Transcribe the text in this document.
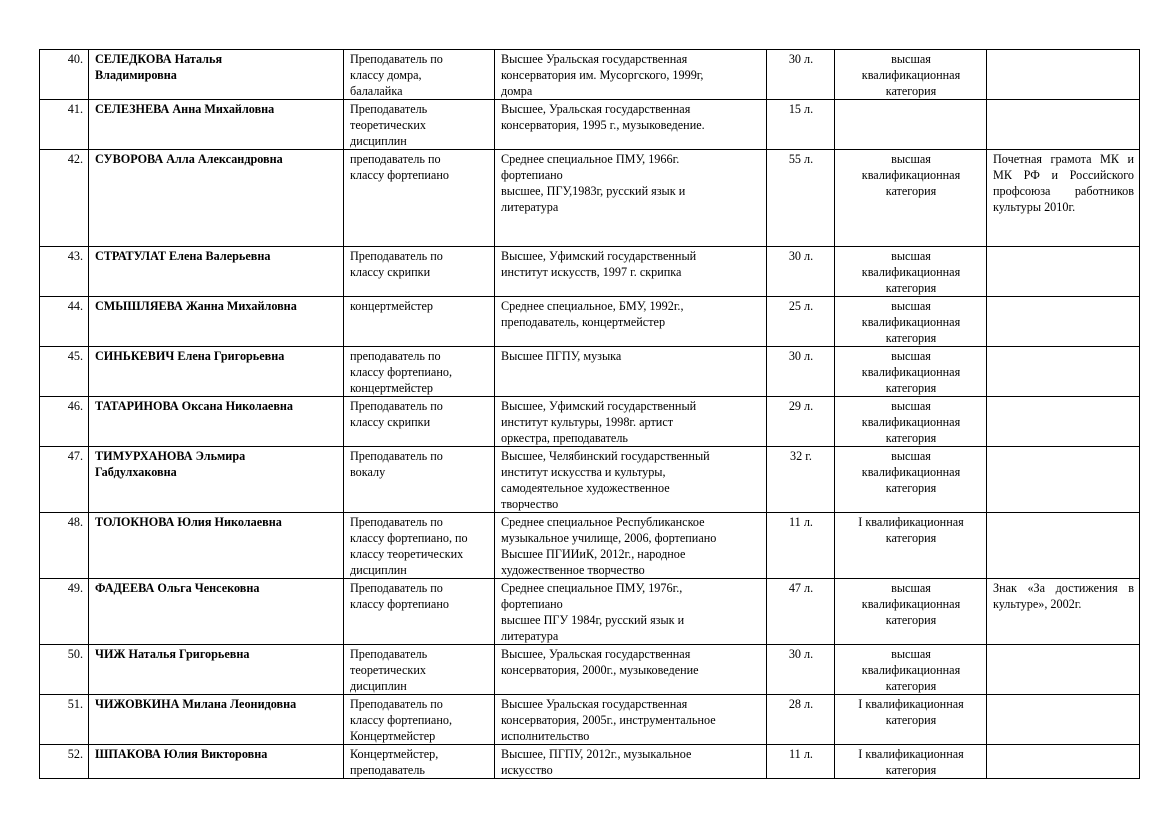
40.	СЕЛЕДКОВА Наталья
Владимировна	Преподаватель по
классу домра,
балалайка	Высшее Уральская государственная
консерватория им. Мусоргского, 1999г,
домра	30 л.	высшая
квалификационная
категория	
41.	СЕЛЕЗНЕВА Анна Михайловна	Преподаватель
теоретических
дисциплин	Высшее, Уральская государственная
консерватория, 1995 г., музыковедение.	15 л.		
42.	СУВОРОВА Алла Александровна	преподаватель по
классу фортепиано	Среднее специальное ПМУ, 1966г.
фортепиано
высшее, ПГУ,1983г, русский язык и
литература	55 л.	высшая
квалификационная
категория	Почетная грамота МК и МК РФ и Российского профсоюза работников культуры 2010г.
43.	СТРАТУЛАТ Елена Валерьевна	Преподаватель по
классу скрипки	Высшее, Уфимский государственный
институт искусств, 1997 г. скрипка	30 л.	высшая
квалификационная
категория	
44.	СМЫШЛЯЕВА Жанна Михайловна	концертмейстер	Среднее специальное, БМУ, 1992г.,
преподаватель, концертмейстер	25 л.	высшая
квалификационная
категория	
45.	СИНЬКЕВИЧ Елена Григорьевна	преподаватель по
классу фортепиано,
концертмейстер	Высшее ПГПУ, музыка	30 л.	высшая
квалификационная
категория	
46.	ТАТАРИНОВА Оксана Николаевна	Преподаватель по
классу скрипки	Высшее, Уфимский государственный
институт культуры, 1998г. артист
оркестра, преподаватель	29 л.	высшая
квалификационная
категория	
47.	ТИМУРХАНОВА Эльмира
Габдулхаковна	Преподаватель по
вокалу	Высшее, Челябинский государственный
институт искусства и культуры,
самодеятельное художественное
творчество	32 г.	высшая
квалификационная
категория	
48.	ТОЛОКНОВА Юлия Николаевна	Преподаватель по
классу фортепиано, по
классу теоретических
дисциплин	Среднее специальное Республиканское
музыкальное училище, 2006, фортепиано
Высшее ПГИИиК, 2012г., народное
художественное творчество	11 л.	I квалификационная
категория	
49.	ФАДЕЕВА Ольга Ченсековна	Преподаватель по
классу фортепиано	Среднее специальное ПМУ, 1976г.,
фортепиано
высшее ПГУ 1984г, русский язык и
литература	47 л.	высшая
квалификационная
категория	Знак «За достижения в культуре», 2002г.
50.	ЧИЖ Наталья Григорьевна	Преподаватель
теоретических
дисциплин	Высшее, Уральская государственная
консерватория, 2000г., музыковедение	30 л.	высшая
квалификационная
категория	
51.	ЧИЖОВКИНА Милана Леонидовна	Преподаватель по
классу фортепиано,
Концертмейстер	Высшее Уральская государственная
консерватория, 2005г., инструментальное
исполнительство	28 л.	I квалификационная
категория	
52.	ШПАКОВА Юлия Викторовна	Концертмейстер,
преподаватель	Высшее, ПГПУ, 2012г., музыкальное
искусство	11 л.	I квалификационная
категория	
